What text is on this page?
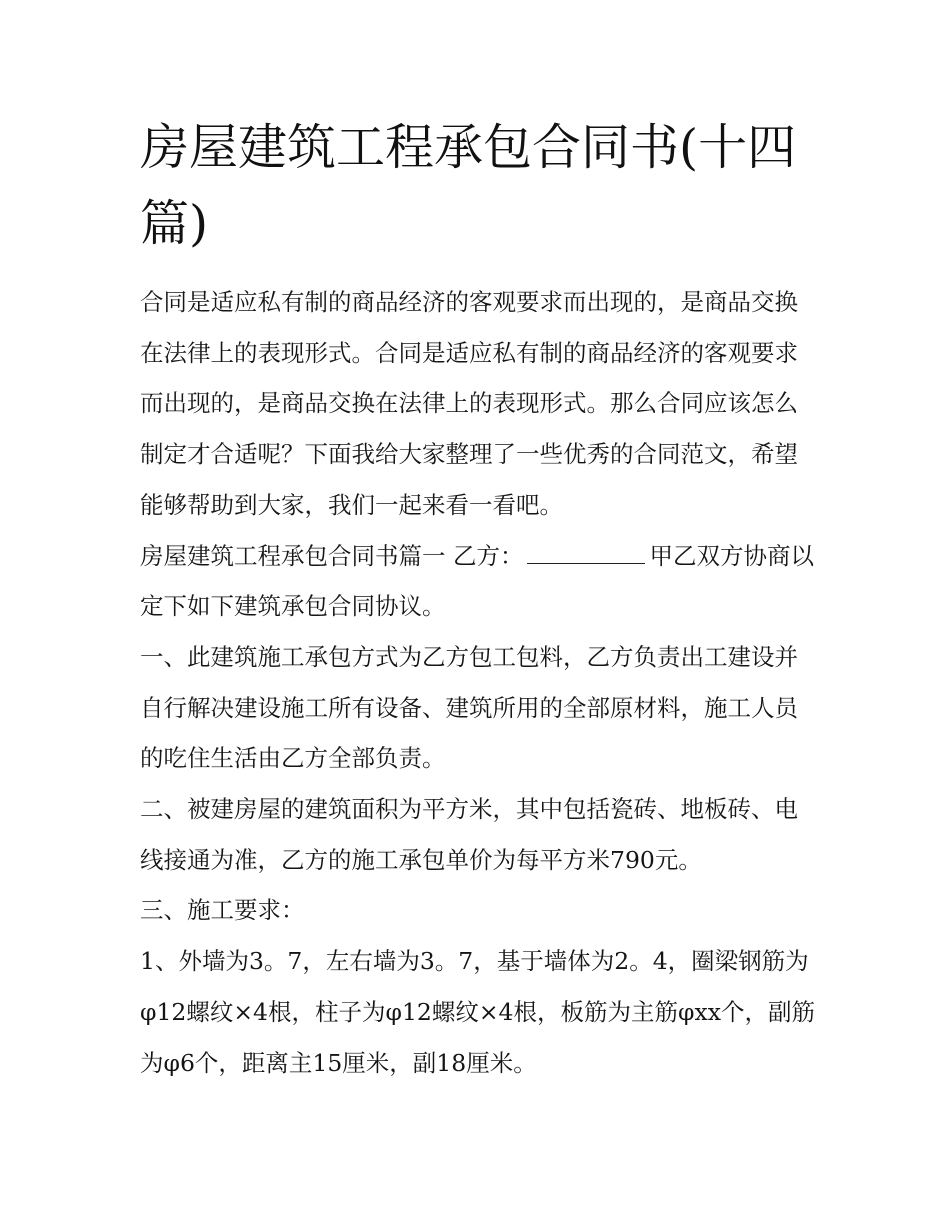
房屋建筑工程承包合同书(十四篇)

合同是适应私有制的商品经济的客观要求而出现的，是商品交换在法律上的表现形式。合同是适应私有制的商品经济的客观要求而出现的，是商品交换在法律上的表现形式。那么合同应该怎么制定才合适呢？下面我给大家整理了一些优秀的合同范文，希望能够帮助到大家，我们一起来看一看吧。

房屋建筑工程承包合同书篇一 乙方：	甲乙双方协商以定下如下建筑承包合同协议。

一、此建筑施工承包方式为乙方包工包料，乙方负责出工建设并自行解决建设施工所有设备、建筑所用的全部原材料，施工人员的吃住生活由乙方全部负责。

二、被建房屋的建筑面积为平方米，其中包括瓷砖、地板砖、电线接通为准，乙方的施工承包单价为每平方米790元。

三、施工要求：

1、外墙为3。7，左右墙为3。7，基于墙体为2。4，圈梁钢筋为φ12螺纹×4根，柱子为φ12螺纹×4根，板筋为主筋φxx个，副筋为φ6个，距离主15厘米，副18厘米。
